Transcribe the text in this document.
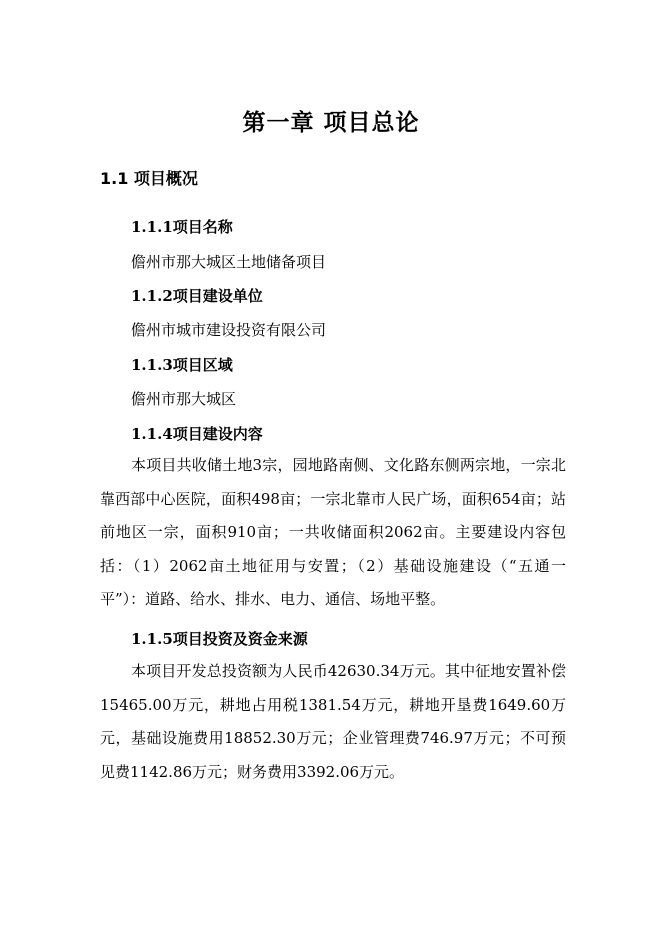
第一章 项目总论
1.1 项目概况
1.1.1项目名称

儋州市那大城区土地储备项目

1.1.2项目建设单位

儋州市城市建设投资有限公司

1.1.3项目区域

儋州市那大城区

1.1.4项目建设内容

本项目共收储土地3宗，园地路南侧、文化路东侧两宗地，一宗北靠西部中心医院，面积498亩；一宗北靠市人民广场，面积654亩；站前地区一宗，面积910亩；一共收储面积2062亩。主要建设内容包括：（1）2062亩土地征用与安置；（2）基础设施建设（“五通一平”）：道路、给水、排水、电力、通信、场地平整。

1.1.5项目投资及资金来源

本项目开发总投资额为人民币42630.34万元。其中征地安置补偿15465.00万元，耕地占用税1381.54万元，耕地开垦费1649.60万元，基础设施费用18852.30万元；企业管理费746.97万元；不可预见费1142.86万元；财务费用3392.06万元。
